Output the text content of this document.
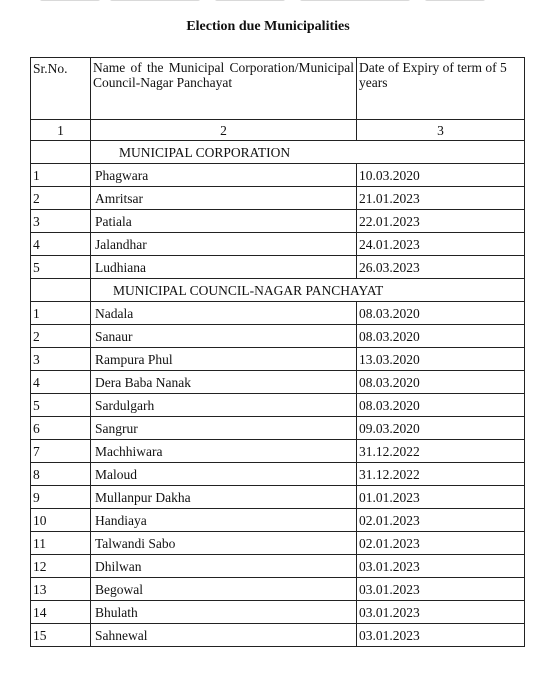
Election due Municipalities
Sr.No.	Name of the Municipal Corporation/Municipal Council-Nagar Panchayat	Date of Expiry of term of 5 years
1	2	3
	MUNICIPAL CORPORATION	
1	Phagwara	10.03.2020
2	Amritsar	21.01.2023
3	Patiala	22.01.2023
4	Jalandhar	24.01.2023
5	Ludhiana	26.03.2023
	MUNICIPAL COUNCIL-NAGAR PANCHAYAT	
1	Nadala	08.03.2020
2	Sanaur	08.03.2020
3	Rampura Phul	13.03.2020
4	Dera Baba Nanak	08.03.2020
5	Sardulgarh	08.03.2020
6	Sangrur	09.03.2020
7	Machhiwara	31.12.2022
8	Maloud	31.12.2022
9	Mullanpur Dakha	01.01.2023
10	Handiaya	02.01.2023
11	Talwandi Sabo	02.01.2023
12	Dhilwan	03.01.2023
13	Begowal	03.01.2023
14	Bhulath	03.01.2023
15	Sahnewal	03.01.2023
